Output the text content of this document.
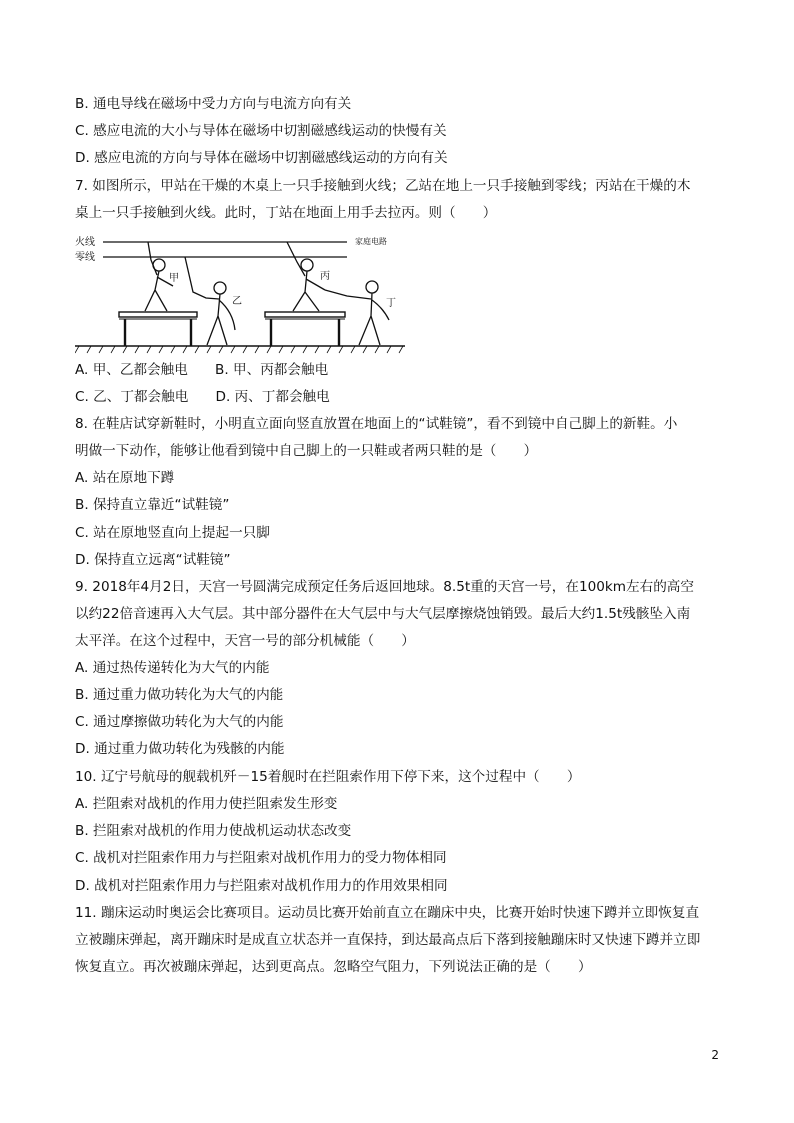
B. 通电导线在磁场中受力方向与电流方向有关
C. 感应电流的大小与导体在磁场中切割磁感线运动的快慢有关
D. 感应电流的方向与导体在磁场中切割磁感线运动的方向有关
7. 如图所示，甲站在干燥的木桌上一只手接触到火线；乙站在地上一只手接触到零线；丙站在干燥的木
桌上一只手接触到火线。此时，丁站在地面上用手去拉丙。则（　　）
火线
零线
家庭电路
甲
乙
丙
丁
A. 甲、乙都会触电　　B. 甲、丙都会触电
C. 乙、丁都会触电　　D. 丙、丁都会触电
8. 在鞋店试穿新鞋时，小明直立面向竖直放置在地面上的“试鞋镜”，看不到镜中自己脚上的新鞋。小
明做一下动作，能够让他看到镜中自己脚上的一只鞋或者两只鞋的是（　　）
A. 站在原地下蹲
B. 保持直立靠近“试鞋镜”
C. 站在原地竖直向上提起一只脚
D. 保持直立远离“试鞋镜”
9. 2018年4月2日，天宫一号圆满完成预定任务后返回地球。8.5t重的天宫一号，在100km左右的高空
以约22倍音速再入大气层。其中部分器件在大气层中与大气层摩擦烧蚀销毁。最后大约1.5t残骸坠入南
太平洋。在这个过程中，天宫一号的部分机械能（　　）
A. 通过热传递转化为大气的内能
B. 通过重力做功转化为大气的内能
C. 通过摩擦做功转化为大气的内能
D. 通过重力做功转化为残骸的内能
10. 辽宁号航母的舰载机歼－15着舰时在拦阻索作用下停下来，这个过程中（　　）
A. 拦阻索对战机的作用力使拦阻索发生形变
B. 拦阻索对战机的作用力使战机运动状态改变
C. 战机对拦阻索作用力与拦阻索对战机作用力的受力物体相同
D. 战机对拦阻索作用力与拦阻索对战机作用力的作用效果相同
11. 蹦床运动时奥运会比赛项目。运动员比赛开始前直立在蹦床中央，比赛开始时快速下蹲并立即恢复直
立被蹦床弹起，离开蹦床时是成直立状态并一直保持，到达最高点后下落到接触蹦床时又快速下蹲并立即
恢复直立。再次被蹦床弹起，达到更高点。忽略空气阻力，下列说法正确的是（　　）
2
